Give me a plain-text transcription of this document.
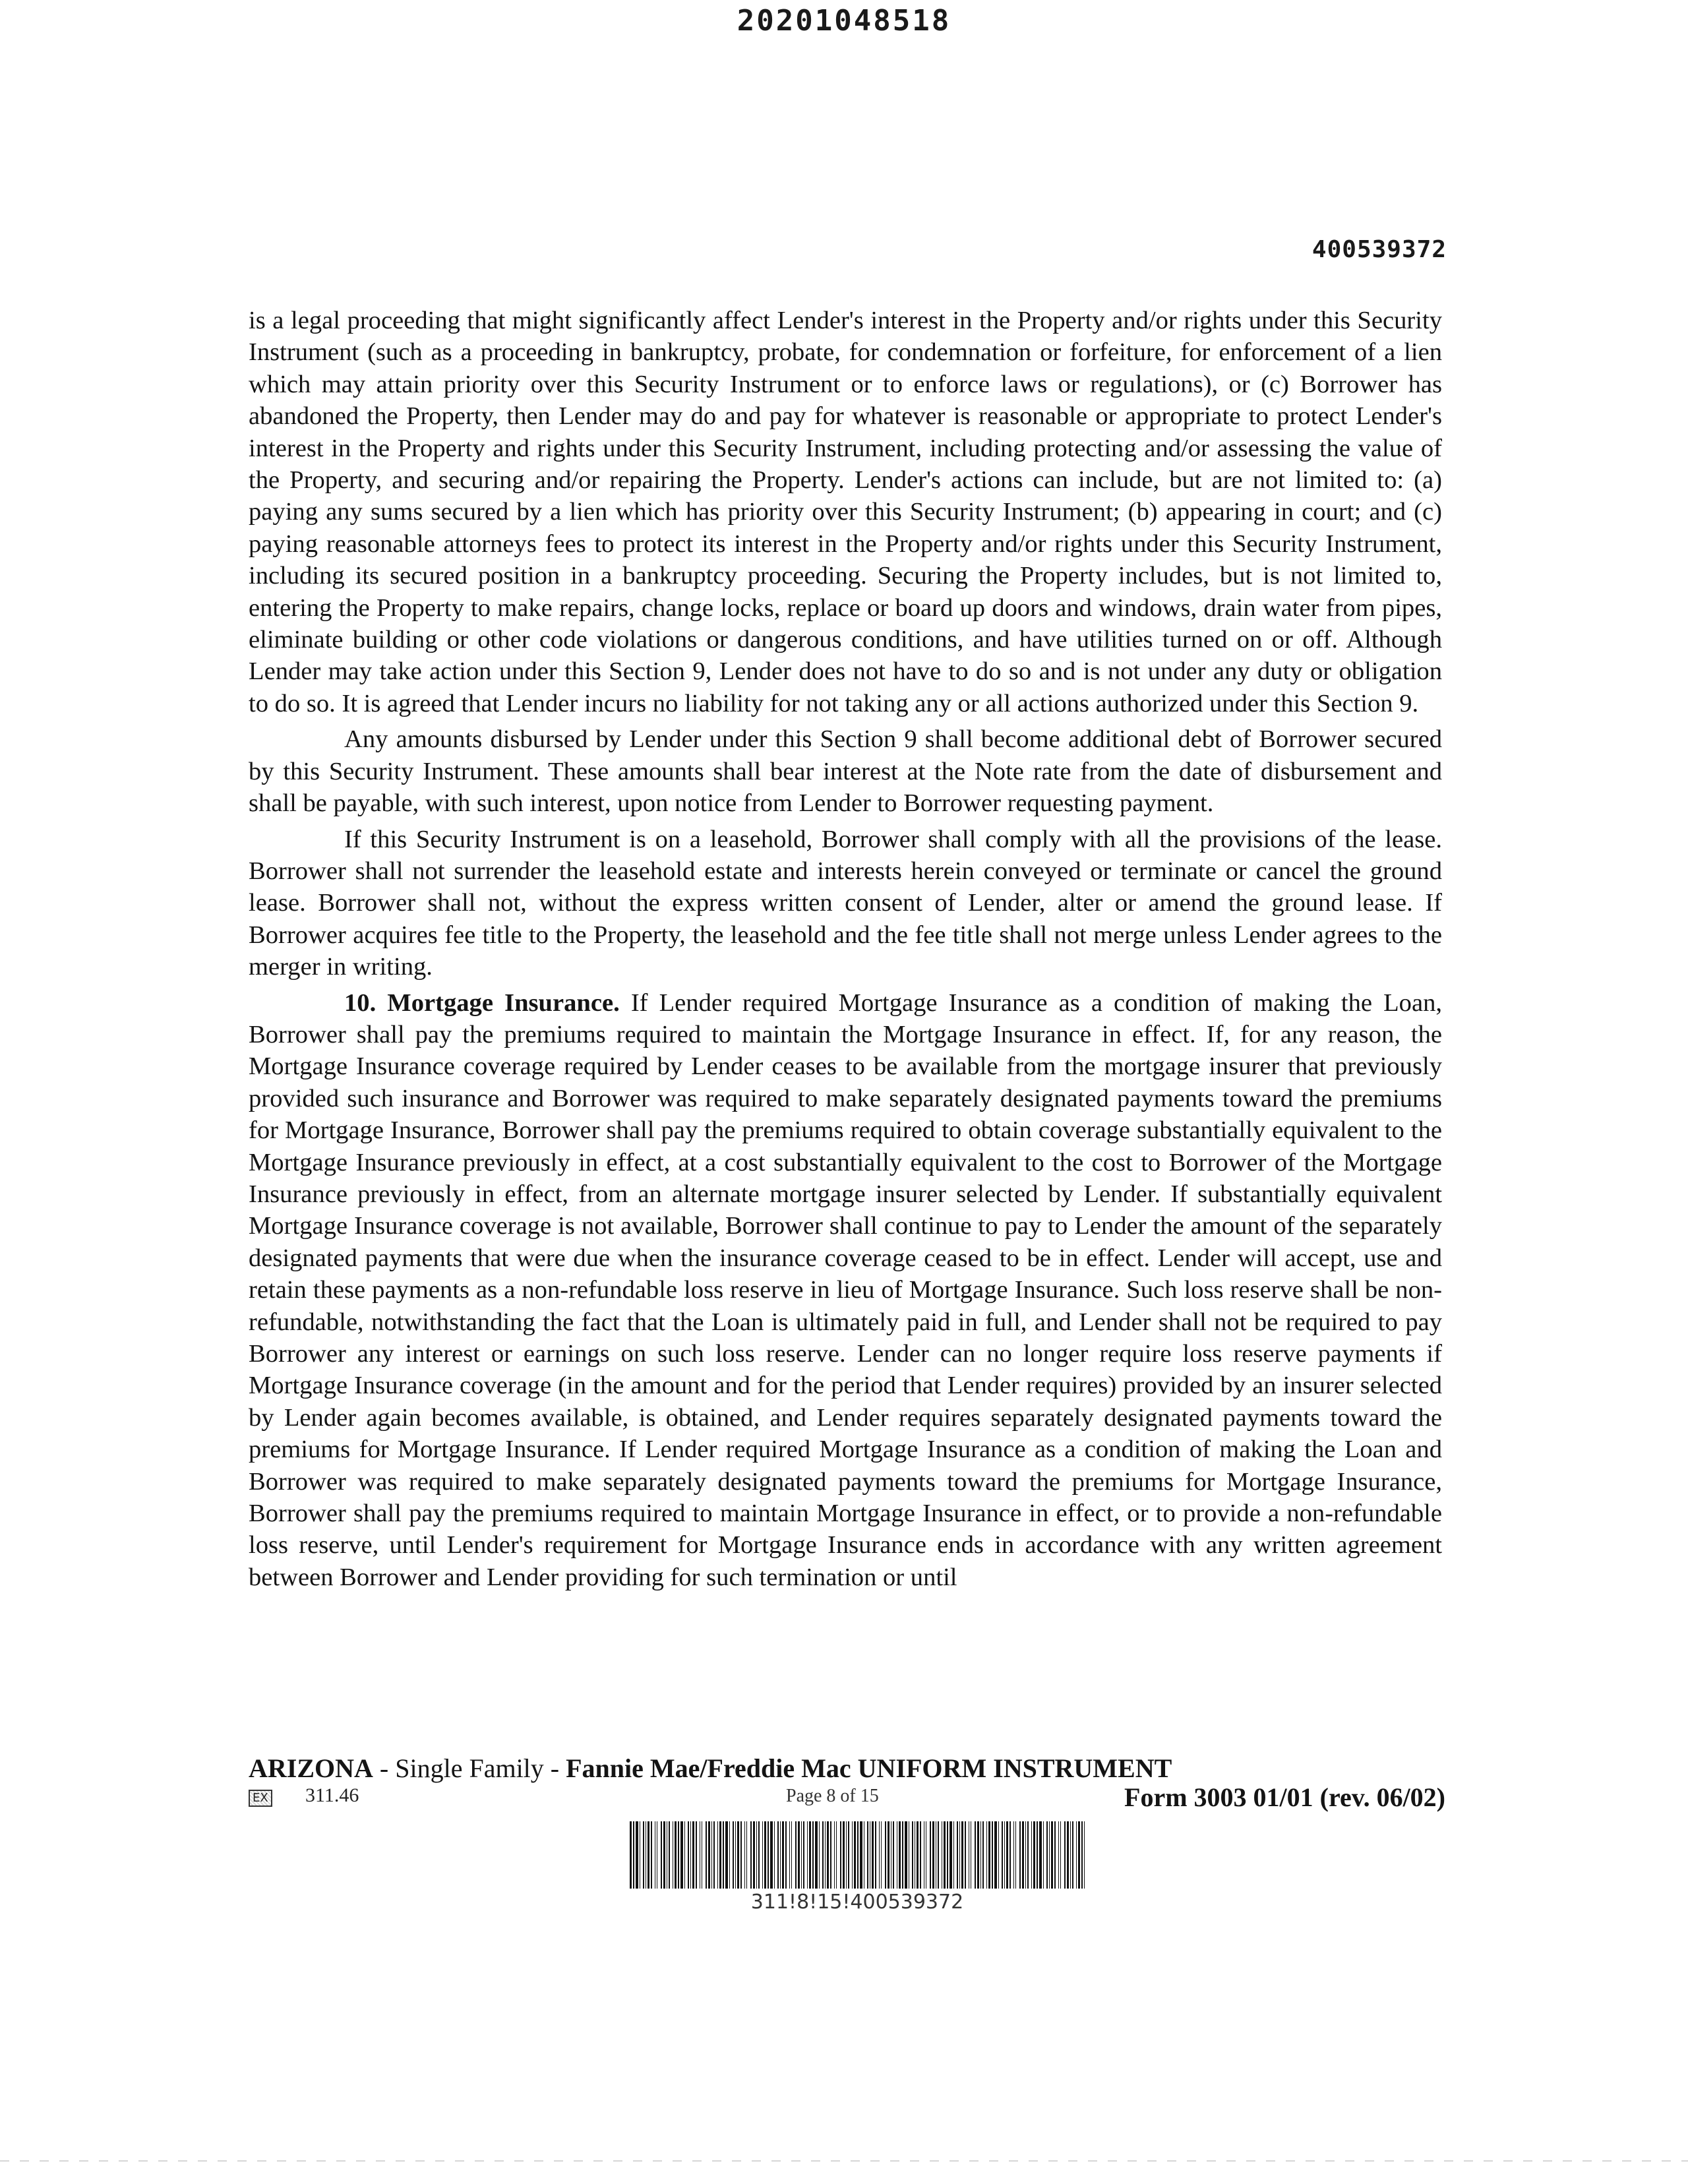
20201048518
400539372

is a legal proceeding that might significantly affect Lender's interest in the Property and/or rights under this Security Instrument (such as a proceeding in bankruptcy, probate, for condemnation or forfeiture, for enforcement of a lien which may attain priority over this Security Instrument or to enforce laws or regulations), or (c) Borrower has abandoned the Property, then Lender may do and pay for whatever is reasonable or appropriate to protect Lender's interest in the Property and rights under this Security Instrument, including protecting and/or assessing the value of the Property, and securing and/or repairing the Property. Lender's actions can include, but are not limited to: (a) paying any sums secured by a lien which has priority over this Security Instrument; (b) appearing in court; and (c) paying reasonable attorneys fees to protect its interest in the Property and/or rights under this Security Instrument, including its secured position in a bankruptcy proceeding. Securing the Property includes, but is not limited to, entering the Property to make repairs, change locks, replace or board up doors and windows, drain water from pipes, eliminate building or other code violations or dangerous conditions, and have utilities turned on or off. Although Lender may take action under this Section 9, Lender does not have to do so and is not under any duty or obligation to do so. It is agreed that Lender incurs no liability for not taking any or all actions authorized under this Section 9.

Any amounts disbursed by Lender under this Section 9 shall become additional debt of Borrower secured by this Security Instrument. These amounts shall bear interest at the Note rate from the date of disbursement and shall be payable, with such interest, upon notice from Lender to Borrower requesting payment.

If this Security Instrument is on a leasehold, Borrower shall comply with all the provisions of the lease. Borrower shall not surrender the leasehold estate and interests herein conveyed or terminate or cancel the ground lease. Borrower shall not, without the express written consent of Lender, alter or amend the ground lease. If Borrower acquires fee title to the Property, the leasehold and the fee title shall not merge unless Lender agrees to the merger in writing.

10. Mortgage Insurance. If Lender required Mortgage Insurance as a condition of making the Loan, Borrower shall pay the premiums required to maintain the Mortgage Insurance in effect. If, for any reason, the Mortgage Insurance coverage required by Lender ceases to be available from the mortgage insurer that previously provided such insurance and Borrower was required to make separately designated payments toward the premiums for Mortgage Insurance, Borrower shall pay the premiums required to obtain coverage substantially equivalent to the Mortgage Insurance previously in effect, at a cost substantially equivalent to the cost to Borrower of the Mortgage Insurance previously in effect, from an alternate mortgage insurer selected by Lender. If substantially equivalent Mortgage Insurance coverage is not available, Borrower shall continue to pay to Lender the amount of the separately designated payments that were due when the insurance coverage ceased to be in effect. Lender will accept, use and retain these payments as a non-refundable loss reserve in lieu of Mortgage Insurance. Such loss reserve shall be non-refundable, notwithstanding the fact that the Loan is ultimately paid in full, and Lender shall not be required to pay Borrower any interest or earnings on such loss reserve. Lender can no longer require loss reserve payments if Mortgage Insurance coverage (in the amount and for the period that Lender requires) provided by an insurer selected by Lender again becomes available, is obtained, and Lender requires separately designated payments toward the premiums for Mortgage Insurance. If Lender required Mortgage Insurance as a condition of making the Loan and Borrower was required to make separately designated payments toward the premiums for Mortgage Insurance, Borrower shall pay the premiums required to maintain Mortgage Insurance in effect, or to provide a non-refundable loss reserve, until Lender's requirement for Mortgage Insurance ends in accordance with any written agreement between Borrower and Lender providing for such termination or until

ARIZONA - Single Family - Fannie Mae/Freddie Mac UNIFORM INSTRUMENT
EX 311.46	Page 8 of 15	Form 3003 01/01 (rev. 06/02)
311!8!15!400539372
